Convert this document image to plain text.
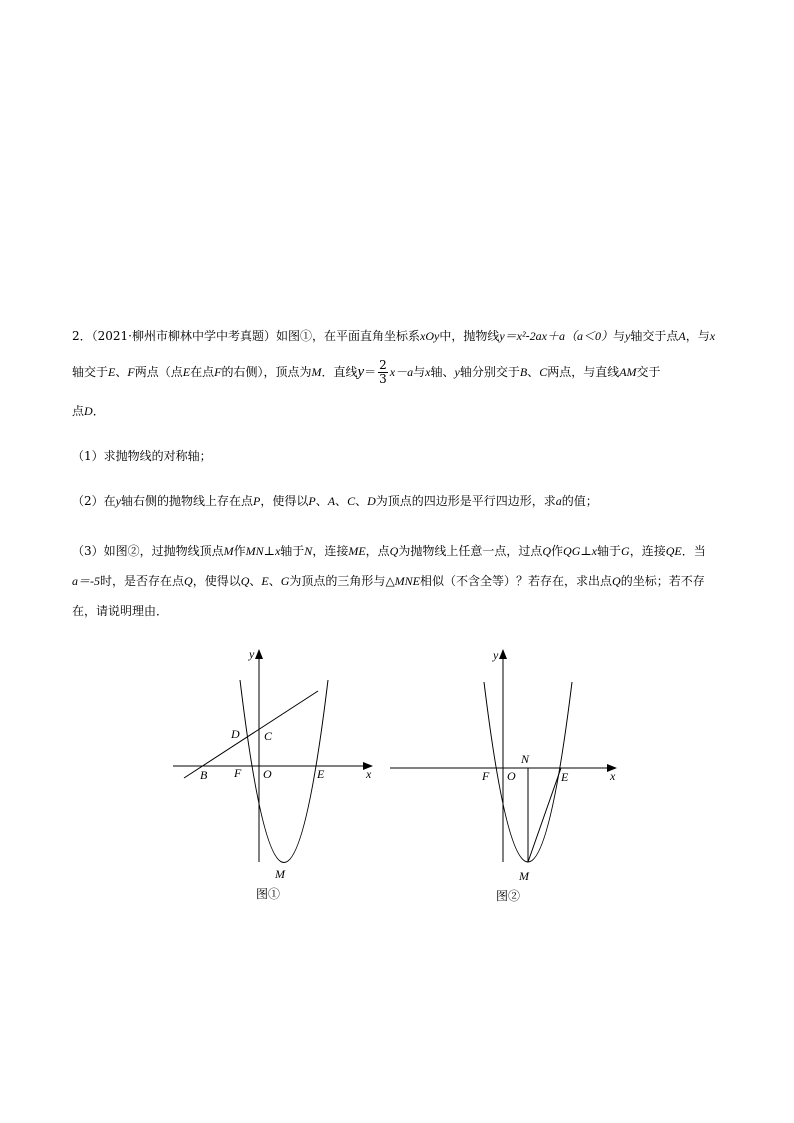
2．（2021·柳州市柳林中学中考真题）如图①，在平面直角坐标系xOy中，抛物线y＝x²-2ax＋a（a＜0）与y轴交于点A，与x

轴交于E、F两点（点E在点F的右侧），顶点为M．直线$y= \frac{2}{3} x-a$与x轴、y轴分别交于B、C两点，与直线AM交于

点D．

（1）求抛物线的对称轴；

（2）在y轴右侧的抛物线上存在点P，使得以P、A、C、D为顶点的四边形是平行四边形，求a的值；

（3）如图②，过抛物线顶点M作MN⊥x轴于N，连接ME，点Q为抛物线上任意一点，过点Q作QG⊥x轴于G，连接QE．当
a＝-5时，是否存在点Q，使得以Q、E、G为顶点的三角形与△MNE相似（不含全等）？若存在，求出点Q的坐标；若不存
在，请说明理由．

y
x
D C
B F O	E
M
图①
y
x
N
F O	E
M
图②
